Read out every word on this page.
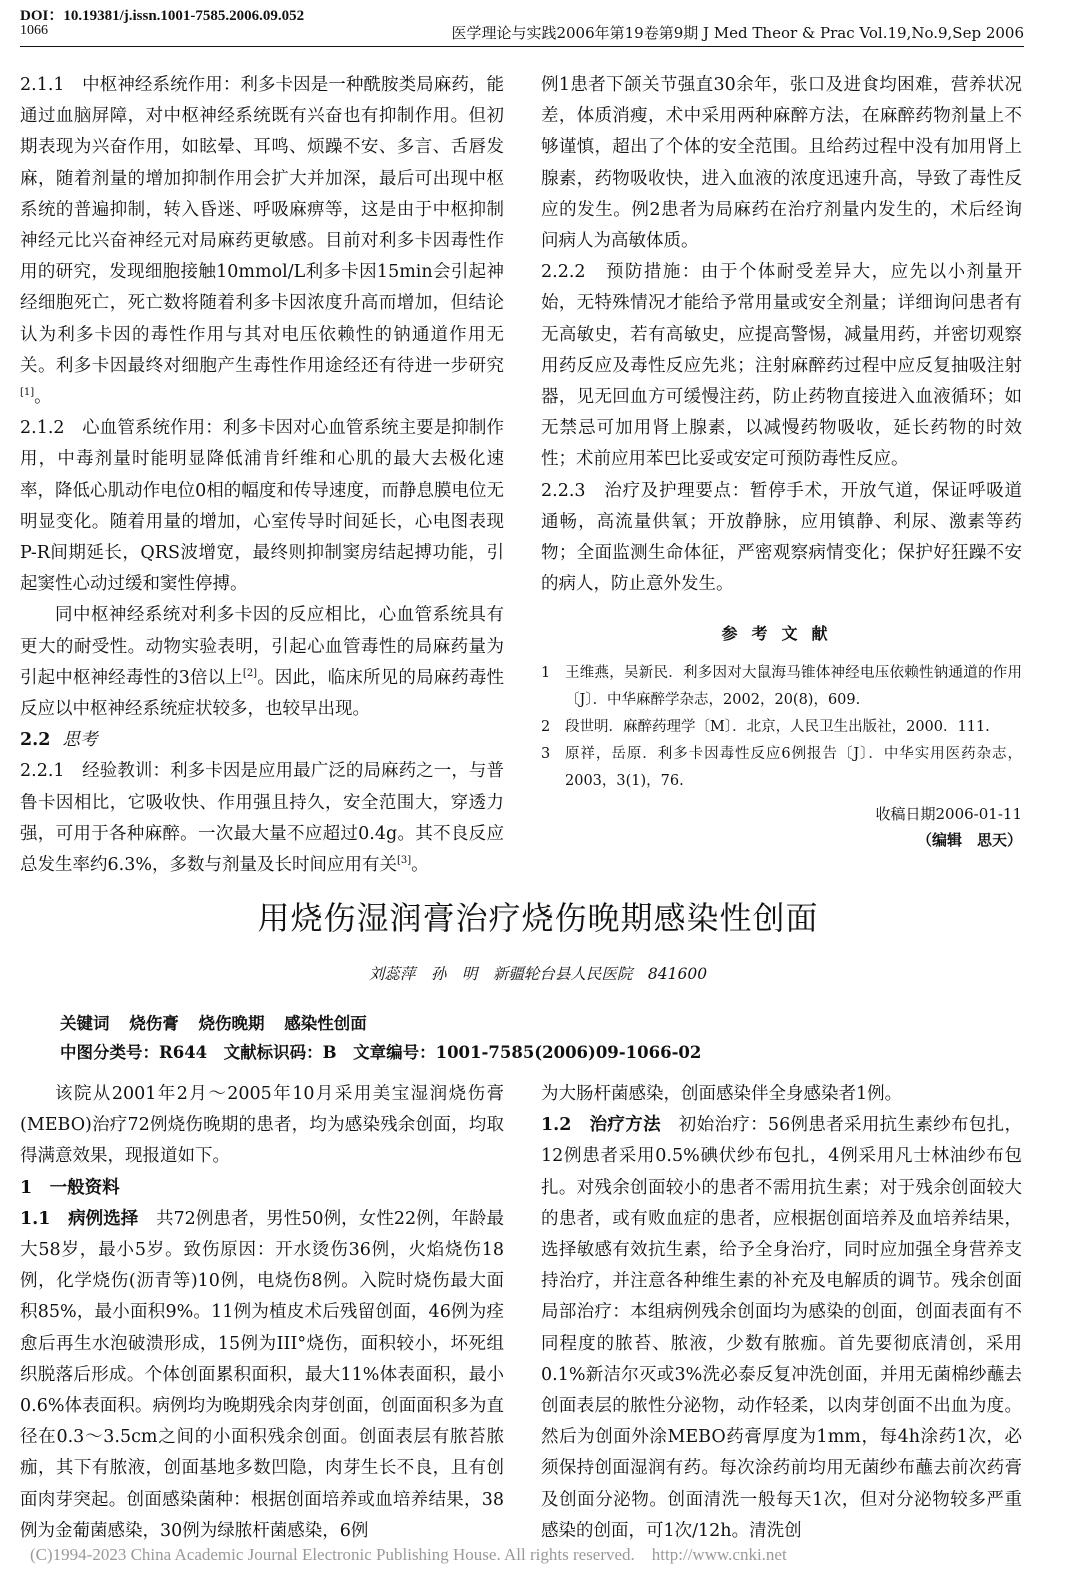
DOI：10.19381/j.issn.1001-7585.2006.09.052
1066	医学理论与实践2006年第19卷第9期 J Med Theor & Prac Vol.19,No.9,Sep 2006

2.1.1　中枢神经系统作用：利多卡因是一种酰胺类局麻药，能通过血脑屏障，对中枢神经系统既有兴奋也有抑制作用。但初期表现为兴奋作用，如眩晕、耳鸣、烦躁不安、多言、舌唇发麻，随着剂量的增加抑制作用会扩大并加深，最后可出现中枢系统的普遍抑制，转入昏迷、呼吸麻痹等，这是由于中枢抑制神经元比兴奋神经元对局麻药更敏感。目前对利多卡因毒性作用的研究，发现细胞接触10mmol/L利多卡因15min会引起神经细胞死亡，死亡数将随着利多卡因浓度升高而增加，但结论认为利多卡因的毒性作用与其对电压依赖性的钠通道作用无关。利多卡因最终对细胞产生毒性作用途经还有待进一步研究[1]。

2.1.2　心血管系统作用：利多卡因对心血管系统主要是抑制作用，中毒剂量时能明显降低浦肯纤维和心肌的最大去极化速率，降低心肌动作电位0相的幅度和传导速度，而静息膜电位无明显变化。随着用量的增加，心室传导时间延长，心电图表现P-R间期延长，QRS波增宽，最终则抑制窦房结起搏功能，引起窦性心动过缓和窦性停搏。

同中枢神经系统对利多卡因的反应相比，心血管系统具有更大的耐受性。动物实验表明，引起心血管毒性的局麻药量为引起中枢神经毒性的3倍以上[2]。因此，临床所见的局麻药毒性反应以中枢神经系统症状较多，也较早出现。

2.2 思考

2.2.1　经验教训：利多卡因是应用最广泛的局麻药之一，与普鲁卡因相比，它吸收快、作用强且持久，安全范围大，穿透力强，可用于各种麻醉。一次最大量不应超过0.4g。其不良反应总发生率约6.3%，多数与剂量及长时间应用有关[3]。

例1患者下颌关节强直30余年，张口及进食均困难，营养状况差，体质消瘦，术中采用两种麻醉方法，在麻醉药物剂量上不够谨慎，超出了个体的安全范围。且给药过程中没有加用肾上腺素，药物吸收快，进入血液的浓度迅速升高，导致了毒性反应的发生。例2患者为局麻药在治疗剂量内发生的，术后经询问病人为高敏体质。

2.2.2　预防措施：由于个体耐受差异大，应先以小剂量开始，无特殊情况才能给予常用量或安全剂量；详细询问患者有无高敏史，若有高敏史，应提高警惕，减量用药，并密切观察用药反应及毒性反应先兆；注射麻醉药过程中应反复抽吸注射器，见无回血方可缓慢注药，防止药物直接进入血液循环；如无禁忌可加用肾上腺素，以减慢药物吸收，延长药物的时效性；术前应用苯巴比妥或安定可预防毒性反应。

2.2.3　治疗及护理要点：暂停手术，开放气道，保证呼吸道通畅，高流量供氧；开放静脉，应用镇静、利尿、激素等药物；全面监测生命体征，严密观察病情变化；保护好狂躁不安的病人，防止意外发生。

参考文献
1	王维燕，吴新民．利多因对大鼠海马锥体神经电压依赖性钠通道的作用〔J〕．中华麻醉学杂志，2002，20(8)，609.
2	段世明．麻醉药理学〔M〕．北京，人民卫生出版社，2000．111.
3	原祥，岳原．利多卡因毒性反应6例报告〔J〕．中华实用医药杂志，2003，3(1)，76.
收稿日期2006-01-11
（编辑　思天）
用烧伤湿润膏治疗烧伤晚期感染性创面
刘蕊萍　孙　明　新疆轮台县人民医院　841600
关键词 烧伤膏 烧伤晚期 感染性创面
中图分类号：R644　文献标识码：B　文章编号：1001-7585(2006)09-1066-02

该院从2001年2月～2005年10月采用美宝湿润烧伤膏(MEBO)治疗72例烧伤晚期的患者，均为感染残余创面，均取得满意效果，现报道如下。

1　一般资料

1.1　病例选择　 共72例患者，男性50例，女性22例，年龄最大58岁，最小5岁。致伤原因：开水烫伤36例，火焰烧伤18例，化学烧伤(沥青等)10例，电烧伤8例。入院时烧伤最大面积85%，最小面积9%。11例为植皮术后残留创面，46例为痊愈后再生水泡破溃形成，15例为III°烧伤，面积较小，坏死组织脱落后形成。个体创面累积面积，最大11%体表面积，最小0.6%体表面积。病例均为晚期残余肉芽创面，创面面积多为直径在0.3～3.5cm之间的小面积残余创面。创面表层有脓苔脓痂，其下有脓液，创面基地多数凹隐，肉芽生长不良，且有创面肉芽突起。创面感染菌种：根据创面培养或血培养结果，38例为金葡菌感染，30例为绿脓杆菌感染，6例

为大肠杆菌感染，创面感染伴全身感染者1例。

1.2　治疗方法　 初始治疗：56例患者采用抗生素纱布包扎，12例患者采用0.5%碘伏纱布包扎，4例采用凡士林油纱布包扎。对残余创面较小的患者不需用抗生素；对于残余创面较大的患者，或有败血症的患者，应根据创面培养及血培养结果，选择敏感有效抗生素，给予全身治疗，同时应加强全身营养支持治疗，并注意各种维生素的补充及电解质的调节。残余创面局部治疗：本组病例残余创面均为感染的创面，创面表面有不同程度的脓苔、脓液，少数有脓痂。首先要彻底清创，采用0.1%新洁尔灭或3%洗必泰反复冲洗创面，并用无菌棉纱蘸去创面表层的脓性分泌物，动作轻柔，以肉芽创面不出血为度。然后为创面外涂MEBO药膏厚度为1mm，每4h涂药1次，必须保持创面湿润有药。每次涂药前均用无菌纱布蘸去前次药膏及创面分泌物。创面清洗一般每天1次，但对分泌物较多严重感染的创面，可1次/12h。清洗创

(C)1994-2023 China Academic Journal Electronic Publishing House. All rights reserved.　http://www.cnki.net
